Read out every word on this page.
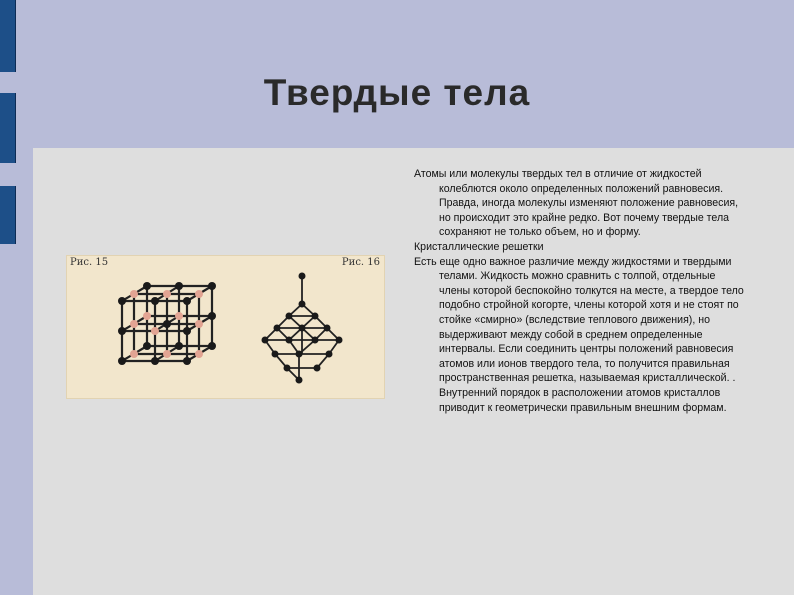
Твердые тела
Рис. 15	Рис. 16

Атомы или молекулы твердых тел в отличие от жидкостей колеблются около определенных положений равновесия. Правда, иногда молекулы изменяют положение равновесия, но происходит это крайне редко. Вот почему твердые тела сохраняют не только объем, но и форму.

Кристаллические решетки

Есть еще одно важное различие между жидкостями и твердыми телами. Жидкость можно сравнить с толпой, отдельные члены которой беспокойно толкутся на месте, а твердое тело подобно стройной когорте, члены которой хотя и не стоят по стойке «смирно» (вследствие теплового движения), но выдерживают между собой в среднем определенные интервалы. Если соединить центры положений равновесия атомов или ионов твердого тела, то получится правильная пространственная решетка, называемая кристаллической. . Внутренний порядок в расположении атомов кристаллов приводит к геометрически правильным внешним формам.
